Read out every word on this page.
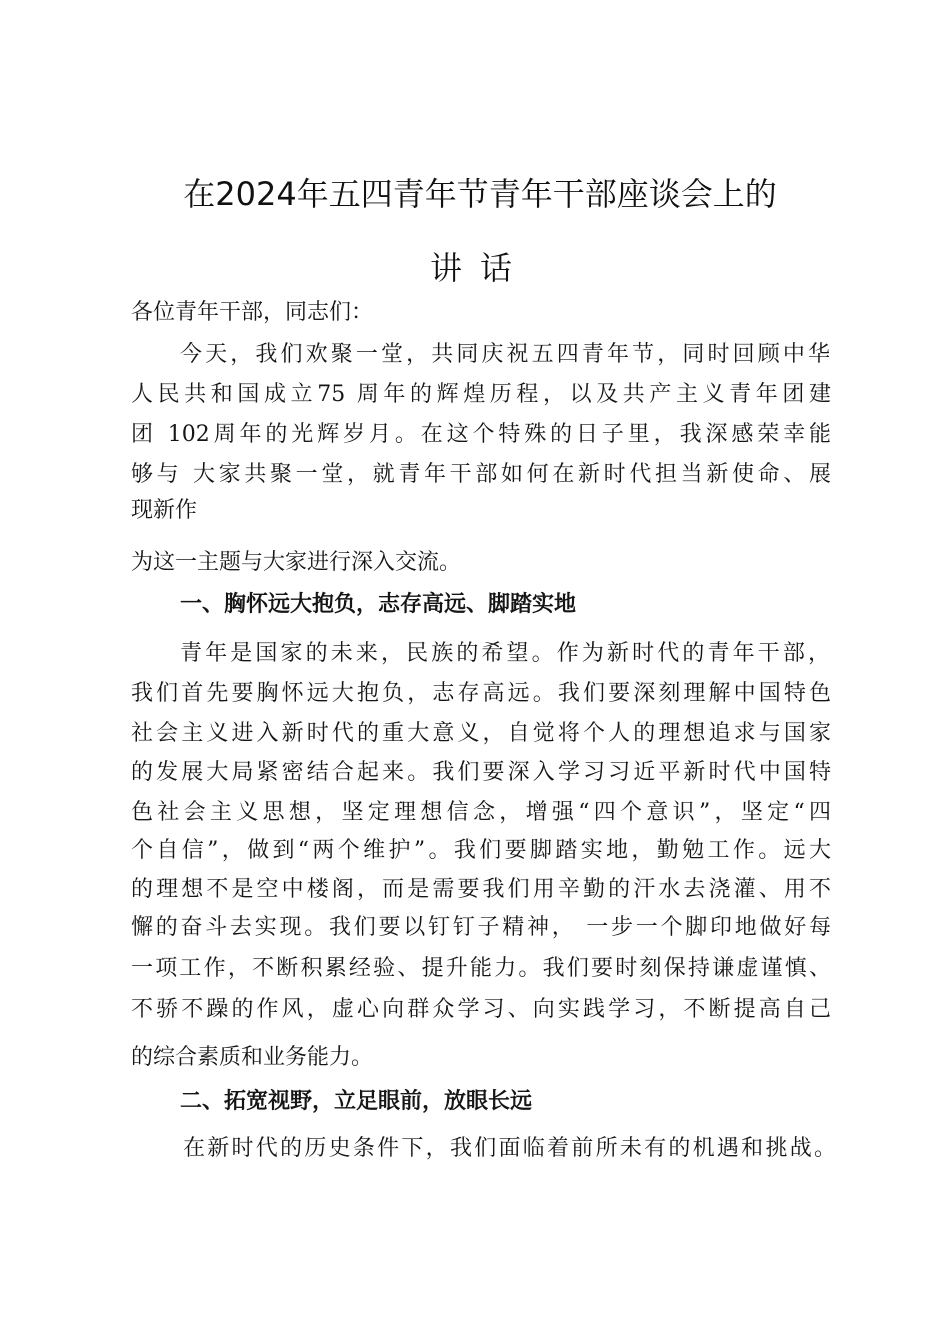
在2024年五四青年节青年干部座谈会上的
讲话

各位青年干部，同志们：

今天，我们欢聚一堂，共同庆祝五四青年节，同时回顾中华

人民共和国成立75 周年的辉煌历程，以及共产主义青年团建

团 102周年的光辉岁月。在这个特殊的日子里，我深感荣幸能

够与 大家共聚一堂，就青年干部如何在新时代担当新使命、展

现新作

为这一主题与大家进行深入交流。

一、胸怀远大抱负，志存高远、脚踏实地

青年是国家的未来，民族的希望。作为新时代的青年干部，

我们首先要胸怀远大抱负，志存高远。我们要深刻理解中国特色

社会主义进入新时代的重大意义，自觉将个人的理想追求与国家

的发展大局紧密结合起来。我们要深入学习习近平新时代中国特

色社会主义思想，坚定理想信念，增强“四个意识”，坚定“四

个自信”，做到“两个维护”。我们要脚踏实地，勤勉工作。远大

的理想不是空中楼阁，而是需要我们用辛勤的汗水去浇灌、用不

懈的奋斗去实现。我们要以钉钉子精神， 一步一个脚印地做好每

一项工作，不断积累经验、提升能力。我们要时刻保持谦虚谨慎、

不骄不躁的作风，虚心向群众学习、向实践学习，不断提高自己

的综合素质和业务能力。

二、拓宽视野，立足眼前，放眼长远

在新时代的历史条件下，我们面临着前所未有的机遇和挑战。
